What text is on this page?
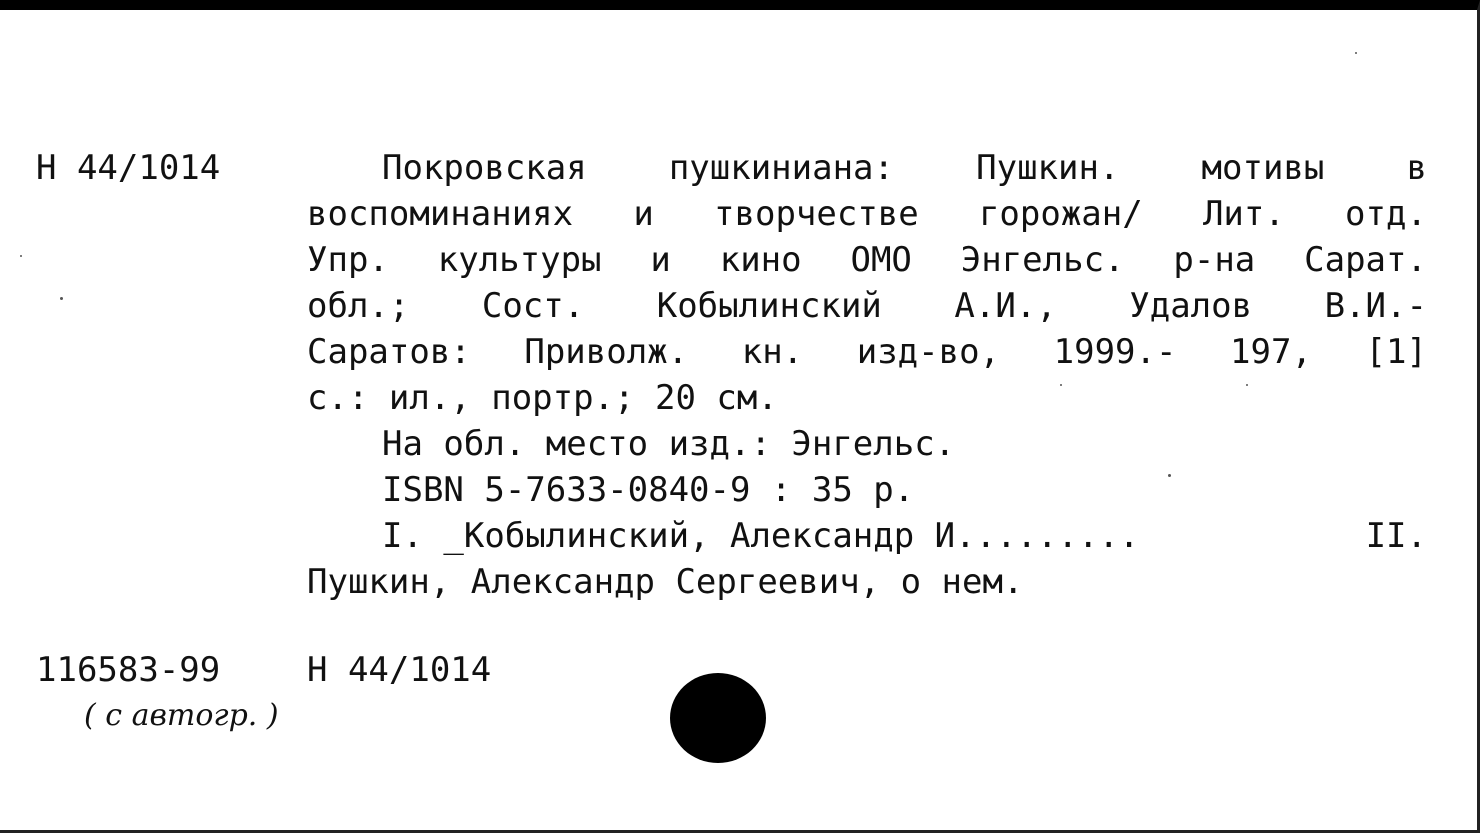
Н 44/1014	Покровская пушкиниана: Пушкин. мотивы в
воспоминаниях и творчестве горожан/ Лит. отд.
Упр. культуры и кино ОМО Энгельс. р-на Сарат.
обл.; Сост. Кобылинский А.И., Удалов В.И.-
Саратов: Приволж. кн. изд-во, 1999.- 197, [1]
с.: ил., портр.; 20 см.
На обл. место изд.: Энгельс.
ISBN 5-7633-0840-9 : 35 р.
I. _Кобылинский, Александр И.........	II.
Пушкин, Александр Сергеевич, о нем.
116583-99	Н 44/1014
( с автогр. )
